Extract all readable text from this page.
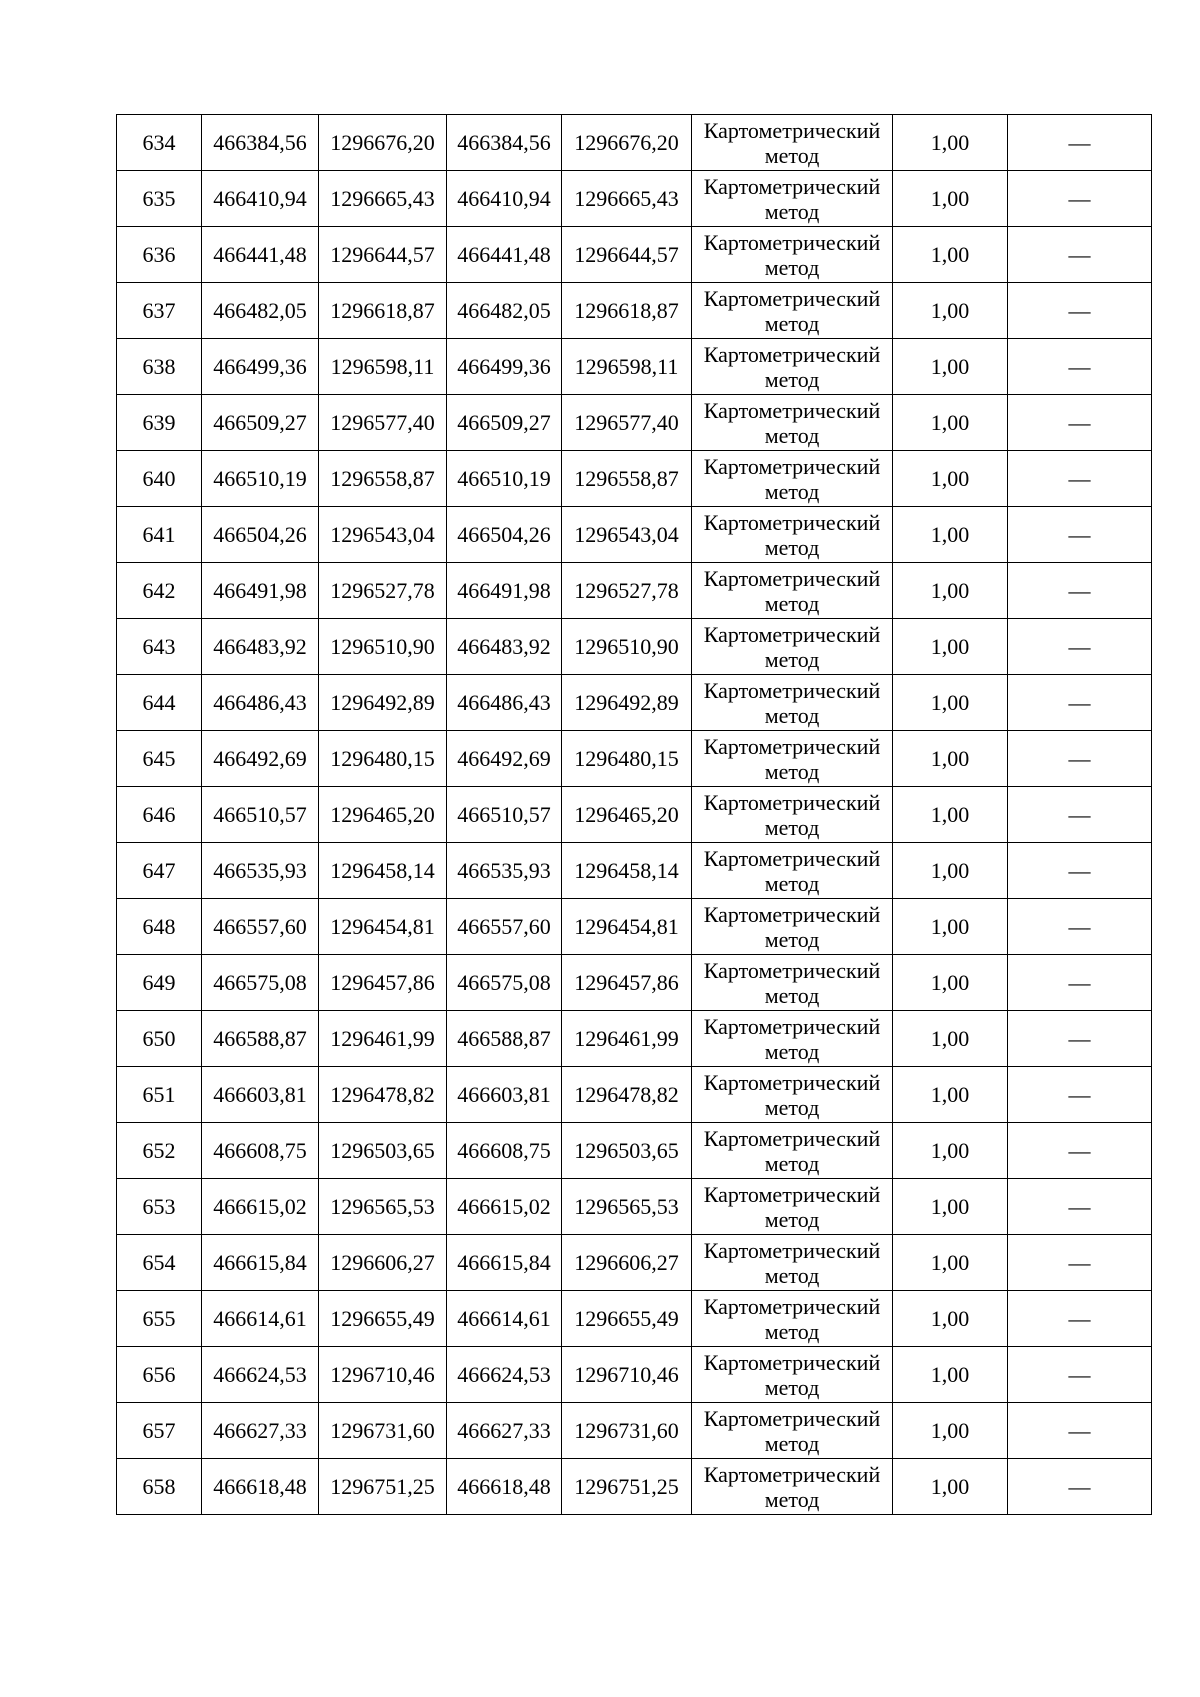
634	466384,56	1296676,20	466384,56	1296676,20	Картометрический
метод	1,00	—
635	466410,94	1296665,43	466410,94	1296665,43	Картометрический
метод	1,00	—
636	466441,48	1296644,57	466441,48	1296644,57	Картометрический
метод	1,00	—
637	466482,05	1296618,87	466482,05	1296618,87	Картометрический
метод	1,00	—
638	466499,36	1296598,11	466499,36	1296598,11	Картометрический
метод	1,00	—
639	466509,27	1296577,40	466509,27	1296577,40	Картометрический
метод	1,00	—
640	466510,19	1296558,87	466510,19	1296558,87	Картометрический
метод	1,00	—
641	466504,26	1296543,04	466504,26	1296543,04	Картометрический
метод	1,00	—
642	466491,98	1296527,78	466491,98	1296527,78	Картометрический
метод	1,00	—
643	466483,92	1296510,90	466483,92	1296510,90	Картометрический
метод	1,00	—
644	466486,43	1296492,89	466486,43	1296492,89	Картометрический
метод	1,00	—
645	466492,69	1296480,15	466492,69	1296480,15	Картометрический
метод	1,00	—
646	466510,57	1296465,20	466510,57	1296465,20	Картометрический
метод	1,00	—
647	466535,93	1296458,14	466535,93	1296458,14	Картометрический
метод	1,00	—
648	466557,60	1296454,81	466557,60	1296454,81	Картометрический
метод	1,00	—
649	466575,08	1296457,86	466575,08	1296457,86	Картометрический
метод	1,00	—
650	466588,87	1296461,99	466588,87	1296461,99	Картометрический
метод	1,00	—
651	466603,81	1296478,82	466603,81	1296478,82	Картометрический
метод	1,00	—
652	466608,75	1296503,65	466608,75	1296503,65	Картометрический
метод	1,00	—
653	466615,02	1296565,53	466615,02	1296565,53	Картометрический
метод	1,00	—
654	466615,84	1296606,27	466615,84	1296606,27	Картометрический
метод	1,00	—
655	466614,61	1296655,49	466614,61	1296655,49	Картометрический
метод	1,00	—
656	466624,53	1296710,46	466624,53	1296710,46	Картометрический
метод	1,00	—
657	466627,33	1296731,60	466627,33	1296731,60	Картометрический
метод	1,00	—
658	466618,48	1296751,25	466618,48	1296751,25	Картометрический
метод	1,00	—
